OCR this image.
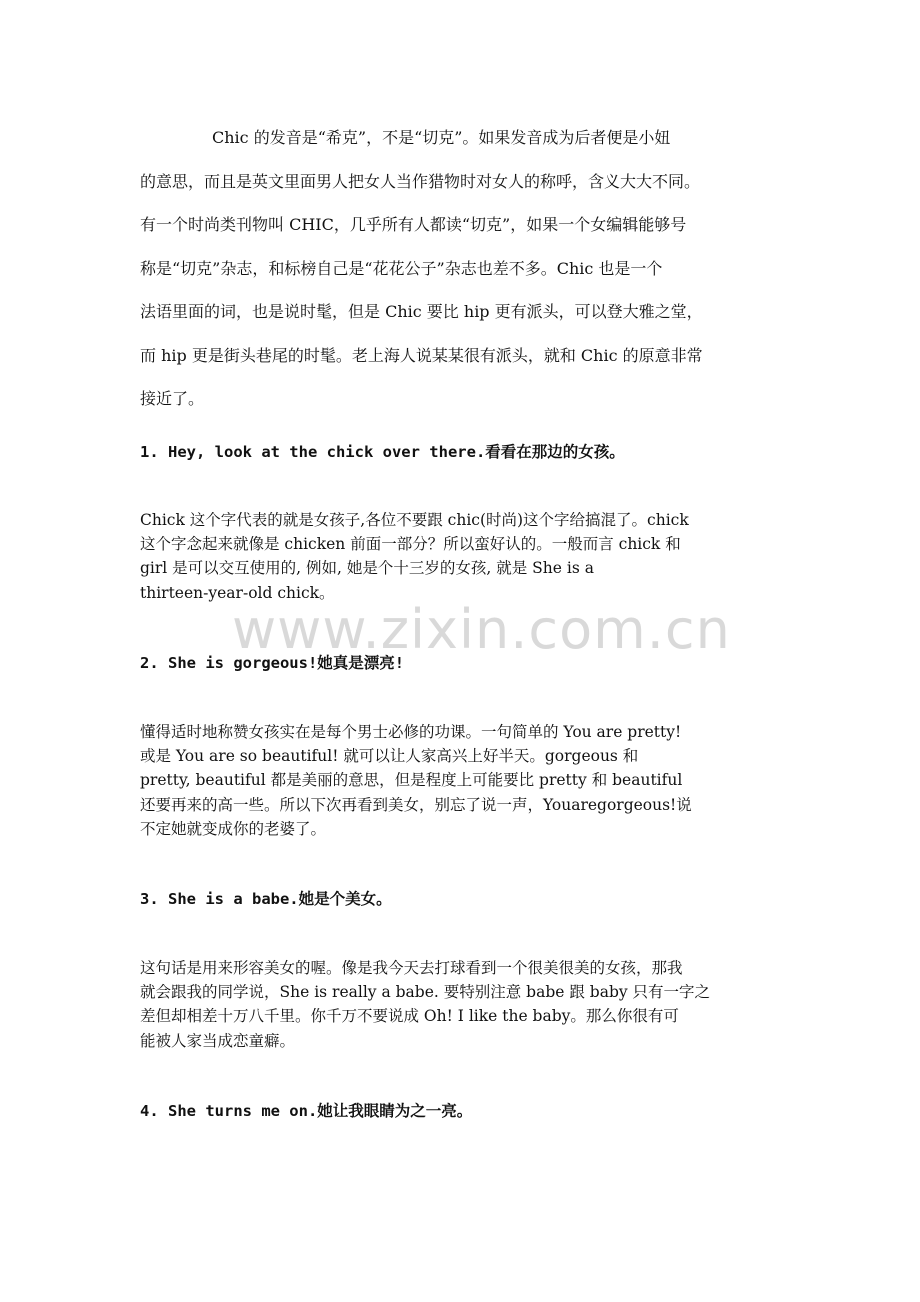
Chic 的发音是“希克”，不是“切克”。如果发音成为后者便是小妞
的意思，而且是英文里面男人把女人当作猎物时对女人的称呼，含义大大不同。
有一个时尚类刊物叫 CHIC，几乎所有人都读“切克”，如果一个女编辑能够号
称是“切克”杂志，和标榜自己是“花花公子”杂志也差不多。Chic 也是一个
法语里面的词，也是说时髦，但是 Chic 要比 hip 更有派头，可以登大雅之堂，
而 hip 更是街头巷尾的时髦。老上海人说某某很有派头，就和 Chic 的原意非常
接近了。
1. Hey, look at the chick over there.看看在那边的女孩。
Chick 这个字代表的就是女孩子,各位不要跟 chic(时尚)这个字给搞混了。chick
这个字念起来就像是 chicken 前面一部分？所以蛮好认的。一般而言 chick 和
girl 是可以交互使用的, 例如, 她是个十三岁的女孩, 就是 She is a
thirteen-year-old chick。
www.zixin.com.cn
2. She is gorgeous!她真是漂亮!
懂得适时地称赞女孩实在是每个男士必修的功课。一句简单的 You are pretty!
或是 You are so beautiful! 就可以让人家高兴上好半天。gorgeous 和
pretty, beautiful 都是美丽的意思，但是程度上可能要比 pretty 和 beautiful
还要再来的高一些。所以下次再看到美女，别忘了说一声，Youaregorgeous!说
不定她就变成你的老婆了。
3. She is a babe.她是个美女。
这句话是用来形容美女的喔。像是我今天去打球看到一个很美很美的女孩，那我
就会跟我的同学说，She is really a babe. 要特别注意 babe 跟 baby 只有一字之
差但却相差十万八千里。你千万不要说成 Oh! I like the baby。那么你很有可
能被人家当成恋童癖。
4. She turns me on.她让我眼睛为之一亮。
